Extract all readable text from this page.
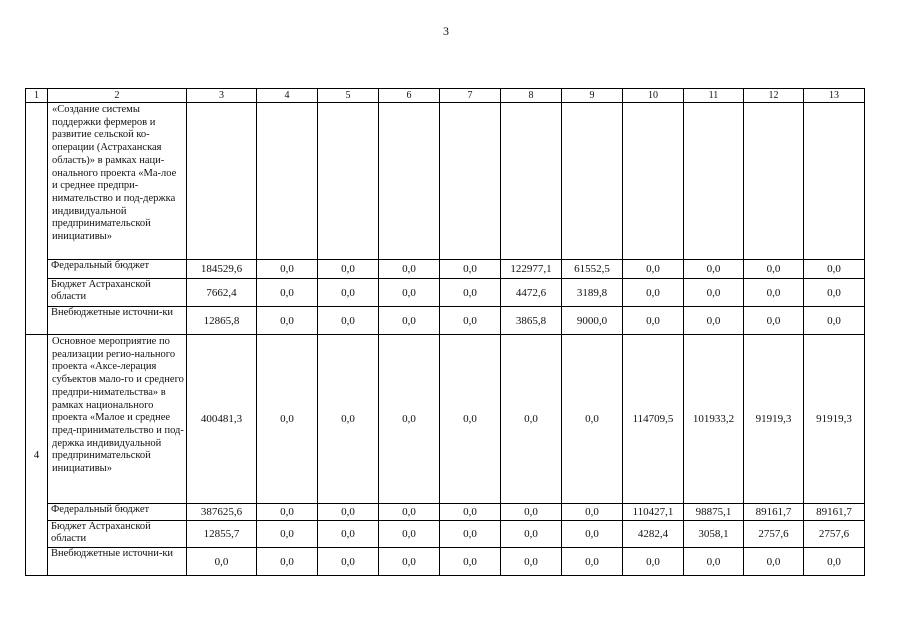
3
1	2	3	4	5	6	7	8	9	10	11	12	13
	«Создание системы поддержки фермеров и развитие сельской ко-операции (Астраханская область)» в рамках наци-онального проекта «Ма-лое и среднее предпри-нимательство и под-держка индивидуальной предпринимательской инициативы»											
	Федеральный бюджет	184529,6	0,0	0,0	0,0	0,0	122977,1	61552,5	0,0	0,0	0,0	0,0
	Бюджет Астраханской области	7662,4	0,0	0,0	0,0	0,0	4472,6	3189,8	0,0	0,0	0,0	0,0
	Внебюджетные источни-ки	12865,8	0,0	0,0	0,0	0,0	3865,8	9000,0	0,0	0,0	0,0	0,0
4	Основное мероприятие по реализации регио-нального проекта «Аксе-лерация субъектов мало-го и среднего предпри-нимательства» в рамках национального проекта «Малое и среднее пред-принимательство и под-держка индивидуальной предпринимательской инициативы»	400481,3	0,0	0,0	0,0	0,0	0,0	0,0	114709,5	101933,2	91919,3	91919,3
	Федеральный бюджет	387625,6	0,0	0,0	0,0	0,0	0,0	0,0	110427,1	98875,1	89161,7	89161,7
	Бюджет Астраханской области	12855,7	0,0	0,0	0,0	0,0	0,0	0,0	4282,4	3058,1	2757,6	2757,6
	Внебюджетные источни-ки	0,0	0,0	0,0	0,0	0,0	0,0	0,0	0,0	0,0	0,0	0,0
